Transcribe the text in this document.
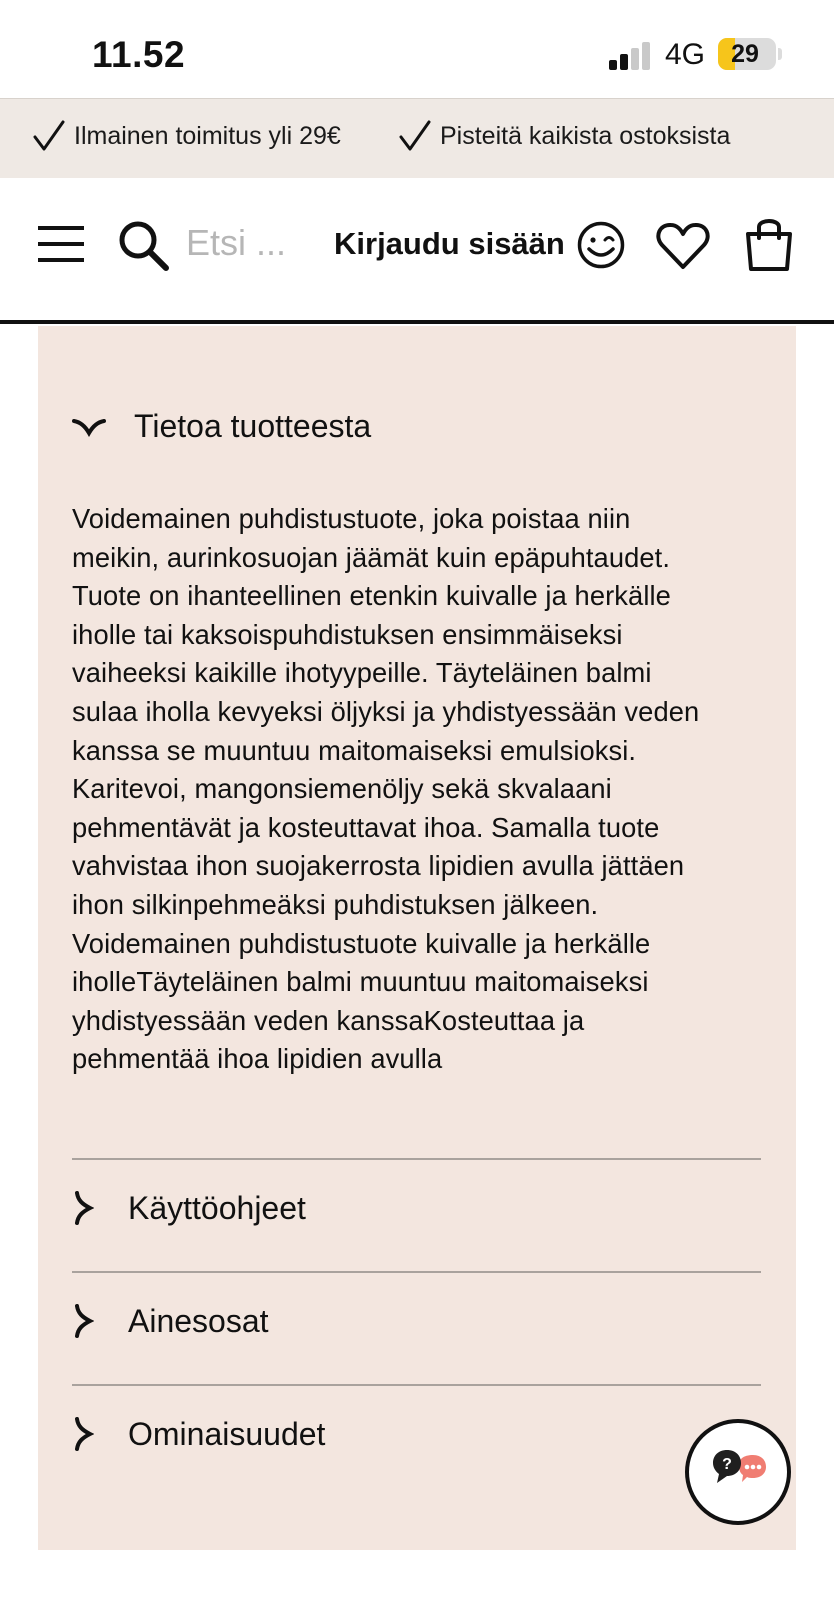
11.52	4G	29
Ilmainen toimitus yli 29€	Pisteitä kaikista ostoksista
Etsi ...
Kirjaudu sisään
Tietoa tuotteesta
Voidemainen puhdistustuote, joka poistaa niin
meikin, aurinkosuojan jäämät kuin epäpuhtaudet.
Tuote on ihanteellinen etenkin kuivalle ja herkälle
iholle tai kaksoispuhdistuksen ensimmäiseksi
vaiheeksi kaikille ihotyypeille. Täyteläinen balmi
sulaa iholla kevyeksi öljyksi ja yhdistyessään veden
kanssa se muuntuu maitomaiseksi emulsioksi.
Karitevoi, mangonsiemenöljy sekä skvalaani
pehmentävät ja kosteuttavat ihoa. Samalla tuote
vahvistaa ihon suojakerrosta lipidien avulla jättäen
ihon silkinpehmeäksi puhdistuksen jälkeen.
Voidemainen puhdistustuote kuivalle ja herkälle
iholleTäyteläinen balmi muuntuu maitomaiseksi
yhdistyessään veden kanssaKosteuttaa ja
pehmentää ihoa lipidien avulla
Käyttöohjeet
Ainesosat
Ominaisuudet
?
